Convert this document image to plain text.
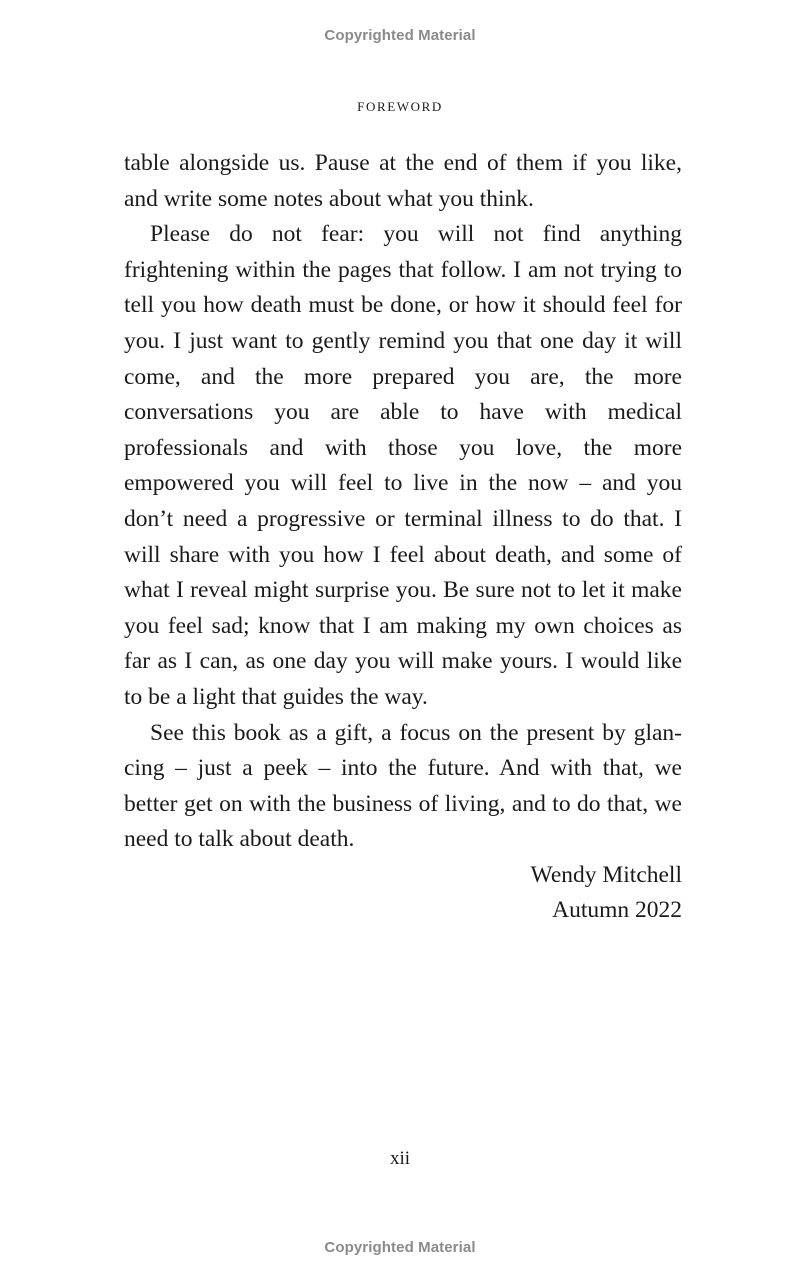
Copyrighted Material
FOREWORD

table alongside us. Pause at the end of them if you like, and write some notes about what you think.

Please do not fear: you will not find anything frightening within the pages that follow. I am not trying to tell you how death must be done, or how it should feel for you. I just want to gently remind you that one day it will come, and the more prepared you are, the more conversations you are able to have with medical professionals and with those you love, the more empowered you will feel to live in the now – and you don’t need a progressive or terminal illness to do that. I will share with you how I feel about death, and some of what I reveal might surprise you. Be sure not to let it make you feel sad; know that I am making my own choices as far as I can, as one day you will make yours. I would like to be a light that guides the way.

See this book as a gift, a focus on the present by glancing – just a peek – into the future. And with that, we better get on with the business of living, and to do that, we need to talk about death.

Wendy Mitchell
Autumn 2022
xii
Copyrighted Material
